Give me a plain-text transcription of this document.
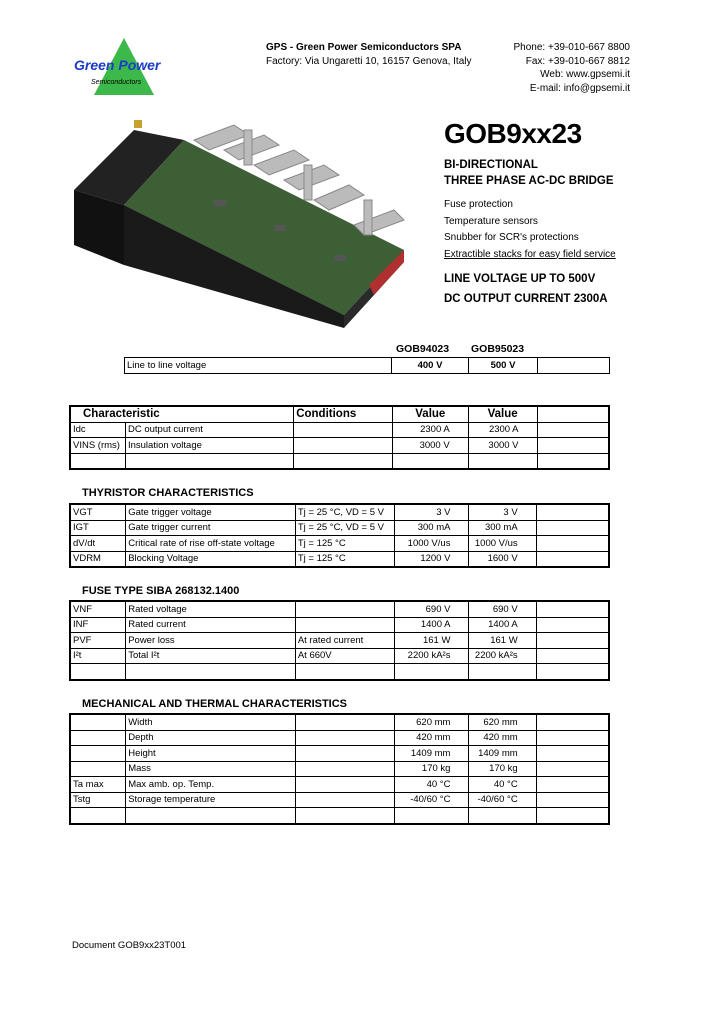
Green Power
Semiconductors
GPS - Green Power Semiconductors SPA
Factory: Via Ungaretti 10, 16157 Genova, Italy
Phone: +39-010-667 8800
Fax: +39-010-667 8812
Web: www.gpsemi.it
E-mail: info@gpsemi.it
GOB9xx23
BI-DIRECTIONAL
THREE PHASE AC-DC BRIDGE
Fuse protection
Temperature sensors
Snubber for SCR's protections
Extractible stacks for easy field service
LINE VOLTAGE UP TO 500V
DC OUTPUT CURRENT 2300A
GOB94023 GOB95023
Line to line voltage	400 V	500 V	
Characteristic		Conditions	Value	Value	
Idc	DC output current		2300 A	2300 A	
VINS (rms)	Insulation voltage		3000 V	3000 V	

THYRISTOR CHARACTERISTICS
VGT	Gate trigger voltage	Tj = 25 °C, VD = 5 V	3 V	3 V	
IGT	Gate trigger current	Tj = 25 °C, VD = 5 V	300 mA	300 mA	
dV/dt	Critical rate of rise off-state voltage	Tj = 125 °C	1000 V/us	1000 V/us	
VDRM	Blocking Voltage	Tj = 125 °C	1200 V	1600 V	
FUSE TYPE SIBA 268132.1400
VNF	Rated voltage		690 V	690 V	
INF	Rated current		1400 A	1400 A	
PVF	Power loss	At rated current	161 W	161 W	
I²t	Total I²t	At 660V	2200 kA²s	2200 kA²s	

MECHANICAL AND THERMAL CHARACTERISTICS
	Width		620 mm	620 mm	
	Depth		420 mm	420 mm	
	Height		1409 mm	1409 mm	
	Mass		170 kg	170 kg	
Ta max	Max amb. op. Temp.		40 °C	40 °C	
Tstg	Storage temperature		-40/60 °C	-40/60 °C	

Document GOB9xx23T001
